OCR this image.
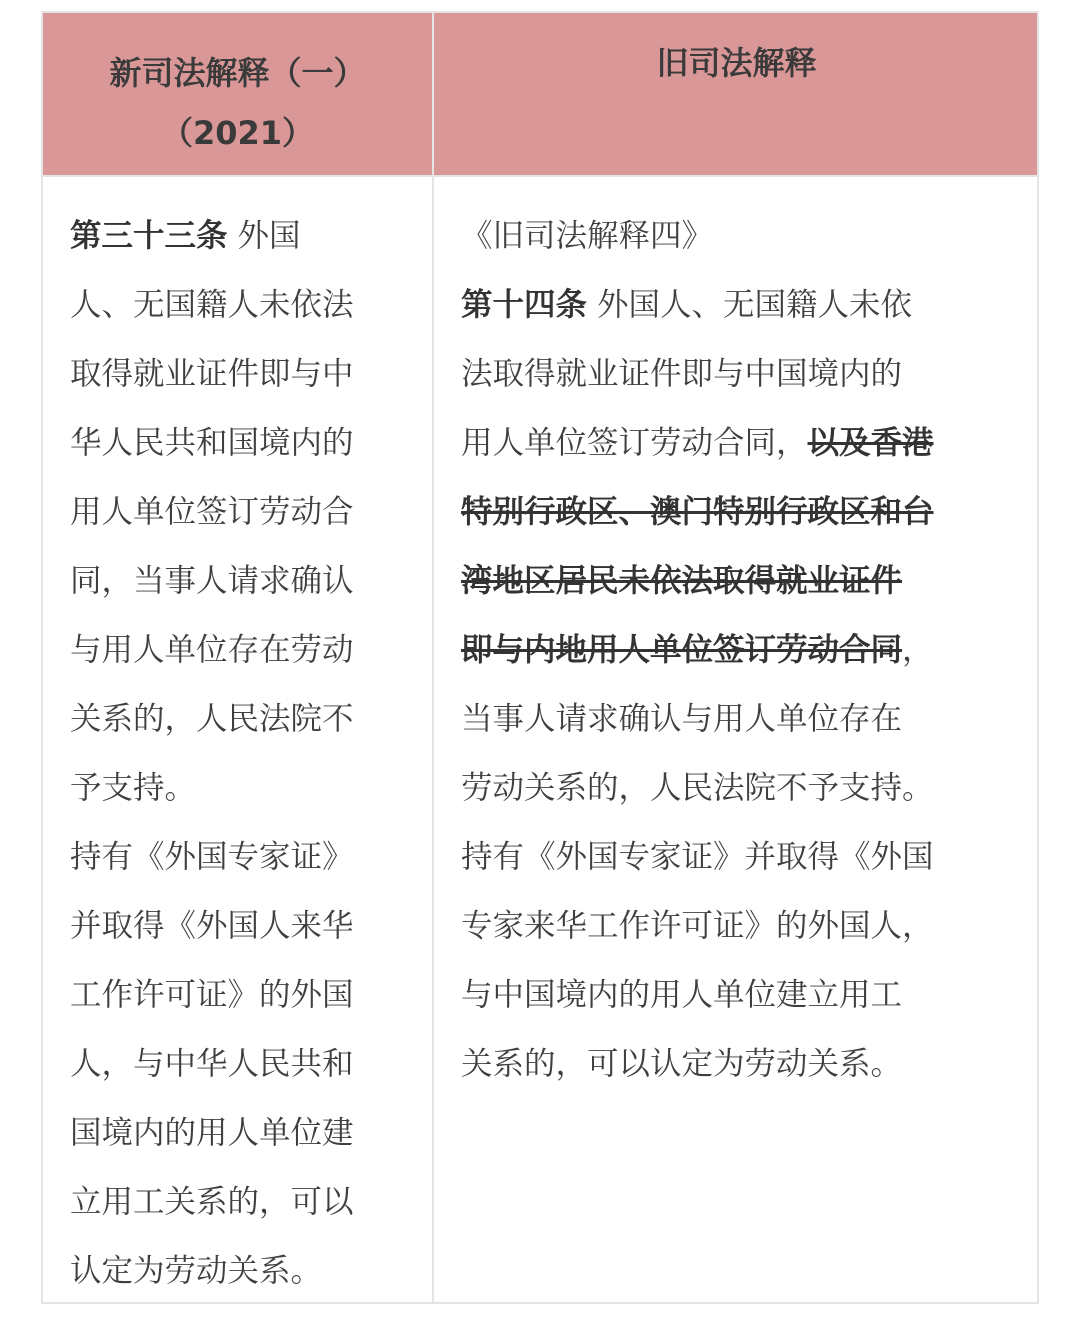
新司法解释（一）
（2021）
旧司法解释
第三十三条 外国
人、无国籍人未依法
取得就业证件即与中
华人民共和国境内的
用人单位签订劳动合
同，当事人请求确认
与用人单位存在劳动
关系的，人民法院不
予支持。
持有《外国专家证》
并取得《外国人来华
工作许可证》的外国
人，与中华人民共和
国境内的用人单位建
立用工关系的，可以
认定为劳动关系。
《旧司法解释四》
第十四条 外国人、无国籍人未依
法取得就业证件即与中国境内的
用人单位签订劳动合同，以及香港
特别行政区、澳门特别行政区和台
湾地区居民未依法取得就业证件
即与内地用人单位签订劳动合同，
当事人请求确认与用人单位存在
劳动关系的，人民法院不予支持。
持有《外国专家证》并取得《外国
专家来华工作许可证》的外国人，
与中国境内的用人单位建立用工
关系的，可以认定为劳动关系。
